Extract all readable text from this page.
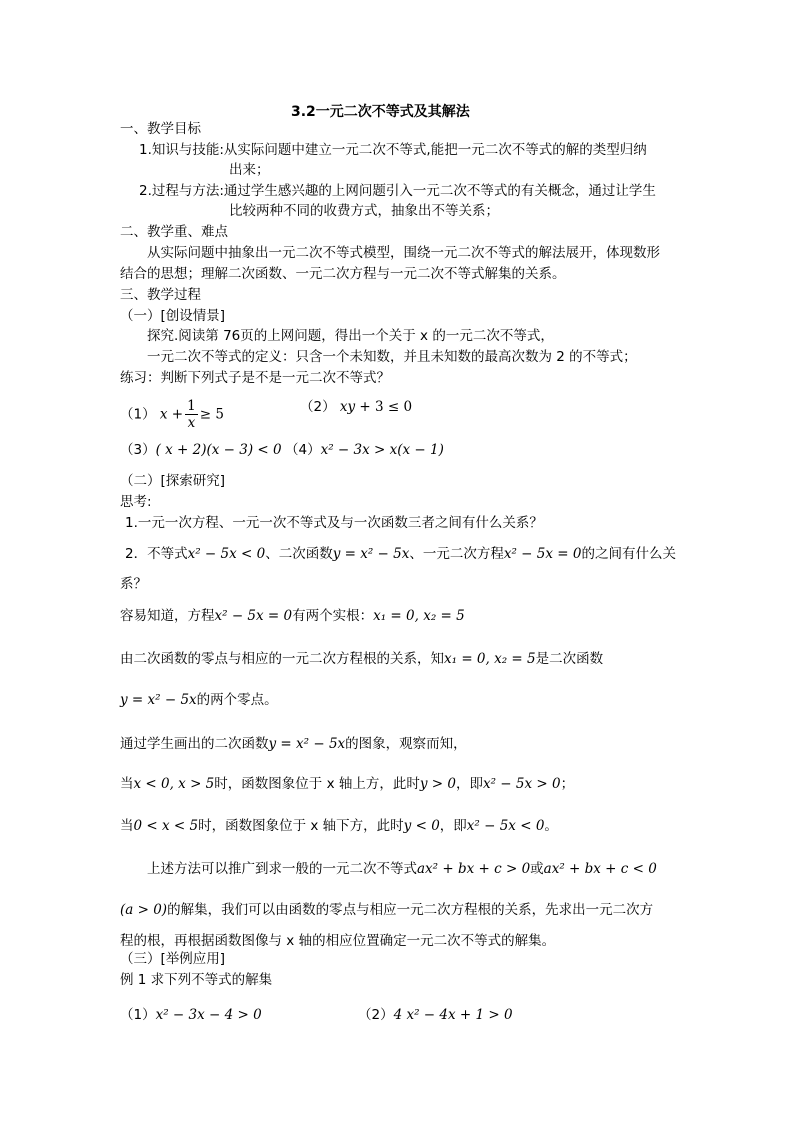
3.2一元二次不等式及其解法
一、教学目标
1.知识与技能:从实际问题中建立一元二次不等式,能把一元二次不等式的解的类型归纳
出来；
2.过程与方法:通过学生感兴趣的上网问题引入一元二次不等式的有关概念，通过让学生
比较两种不同的收费方式，抽象出不等关系；
二、教学重、难点
从实际问题中抽象出一元二次不等式模型，围绕一元二次不等式的解法展开，体现数形
结合的思想；理解二次函数、一元二次方程与一元二次不等式解集的关系。
三、教学过程
（一）[创设情景]
探究.阅读第 76页的上网问题，得出一个关于 x 的一元二次不等式，
一元二次不等式的定义：只含一个未知数，并且未知数的最高次数为 2 的不等式；
练习：判断下列式子是不是一元二次不等式？
（1） $x + \frac{1}{x} \ge 5$	（2） xy + 3 ≤ 0
（3）( x + 2)(x − 3) < 0 （4）x² − 3x > x(x − 1)
（二）[探索研究]
思考:
1.一元一次方程、一元一次不等式及与一次函数三者之间有什么关系？
2．不等式x² − 5x < 0、二次函数y = x² − 5x、一元二次方程x² − 5x = 0的之间有什么关
系？
容易知道，方程x² − 5x = 0有两个实根：x₁ = 0, x₂ = 5
由二次函数的零点与相应的一元二次方程根的关系，知x₁ = 0, x₂ = 5是二次函数
y = x² − 5x的两个零点。
通过学生画出的二次函数y = x² − 5x的图象，观察而知，
当x < 0, x > 5时，函数图象位于 x 轴上方，此时y > 0，即x² − 5x > 0；
当0 < x < 5时，函数图象位于 x 轴下方，此时y < 0，即x² − 5x < 0。
上述方法可以推广到求一般的一元二次不等式ax² + bx + c > 0或ax² + bx + c < 0
(a > 0)的解集，我们可以由函数的零点与相应一元二次方程根的关系，先求出一元二次方
程的根，再根据函数图像与 x 轴的相应位置确定一元二次不等式的解集。
（三）[举例应用]
例 1 求下列不等式的解集
（1）x² − 3x − 4 > 0	（2）4 x² − 4x + 1 > 0
